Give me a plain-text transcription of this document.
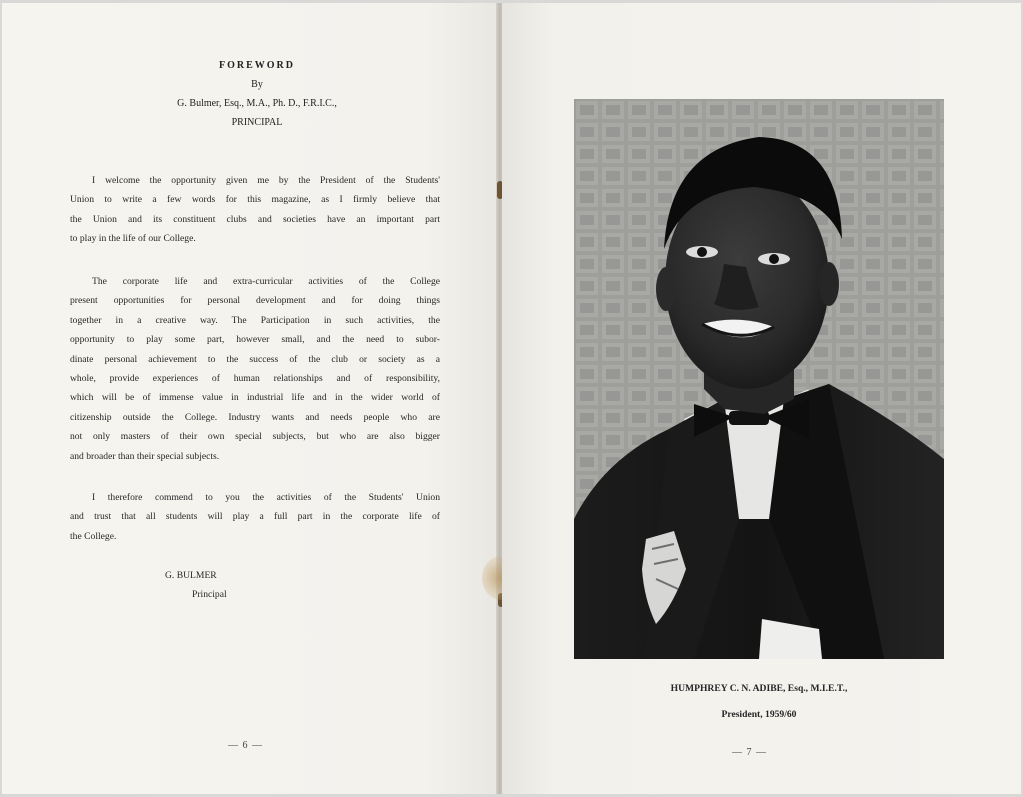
FOREWORD
By
G. Bulmer, Esq., M.A., Ph. D., F.R.I.C.,
PRINCIPAL
I welcome the opportunity given me by the President of the Students'
Union to write a few words for this magazine, as I firmly believe that
the Union and its constituent clubs and societies have an important part
to play in the life of our College.
The corporate life and extra-curricular activities of the College
present opportunities for personal development and for doing things
together in a creative way. The Participation in such activities, the
opportunity to play some part, however small, and the need to subor-
dinate personal achievement to the success of the club or society as a
whole, provide experiences of human relationships and of responsibility,
which will be of immense value in industrial life and in the wider world of
citizenship outside the College. Industry wants and needs people who are
not only masters of their own special subjects, but who are also bigger
and broader than their special subjects.
I therefore commend to you the activities of the Students' Union
and trust that all students will play a full part in the corporate life of
the College.
G. BULMER
Principal
— 6 —
HUMPHREY C. N. ADIBE, Esq., M.I.E.T.,
President, 1959/60
— 7 —
